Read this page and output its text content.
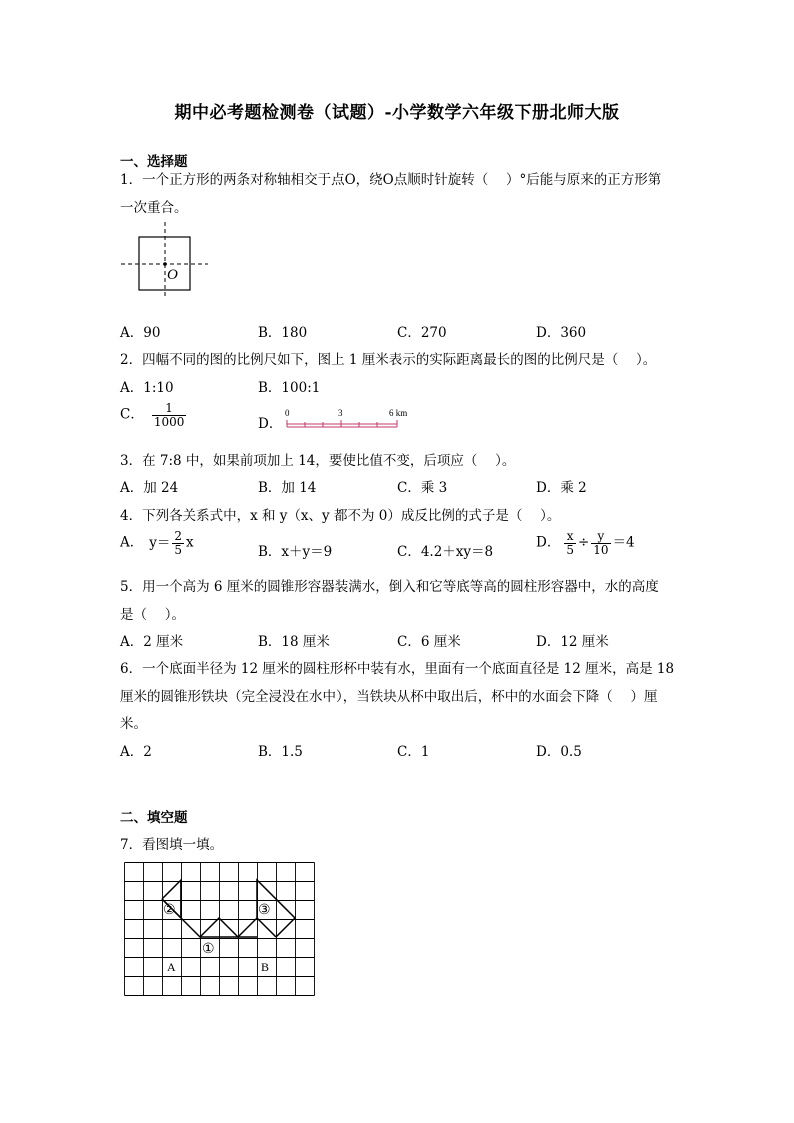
期中必考题检测卷（试题）-小学数学六年级下册北师大版
一、选择题
1．一个正方形的两条对称轴相交于点O，绕O点顺时针旋转（　 ）°后能与原来的正方形第
一次重合。
O
A．90	B．180	C．270	D．360
2．四幅不同的图的比例尺如下，图上 1 厘米表示的实际距离最长的图的比例尺是（　 ）。
A．1:10	B．100:1
C． $\frac{1}{1000}$	D．
0	3	6 km
3．在 7:8 中，如果前项加上 14，要使比值不变，后项应（　 ）。
A．加 24	B．加 14	C．乘 3	D．乘 2
4．下列各关系式中，x 和 y（x、y 都不为 0）成反比例的式子是（　 ）。
A． $y= \frac{2}{5}$ x
B．x＋y＝9	C．4.2＋xy＝8
D． $\frac{x}{5} \div \frac{y}{10} =4$
5．用一个高为 6 厘米的圆锥形容器装满水，倒入和它等底等高的圆柱形容器中，水的高度
是（　 ）。
A．2 厘米	B．18 厘米	C．6 厘米	D．12 厘米
6．一个底面半径为 12 厘米的圆柱形杯中装有水，里面有一个底面直径是 12 厘米，高是 18
厘米的圆锥形铁块（完全浸没在水中），当铁块从杯中取出后，杯中的水面会下降（　 ）厘
米。
A．2	B．1.5	C．1	D．0.5
二、填空题
7．看图填一填。
②
①
③
A	B
